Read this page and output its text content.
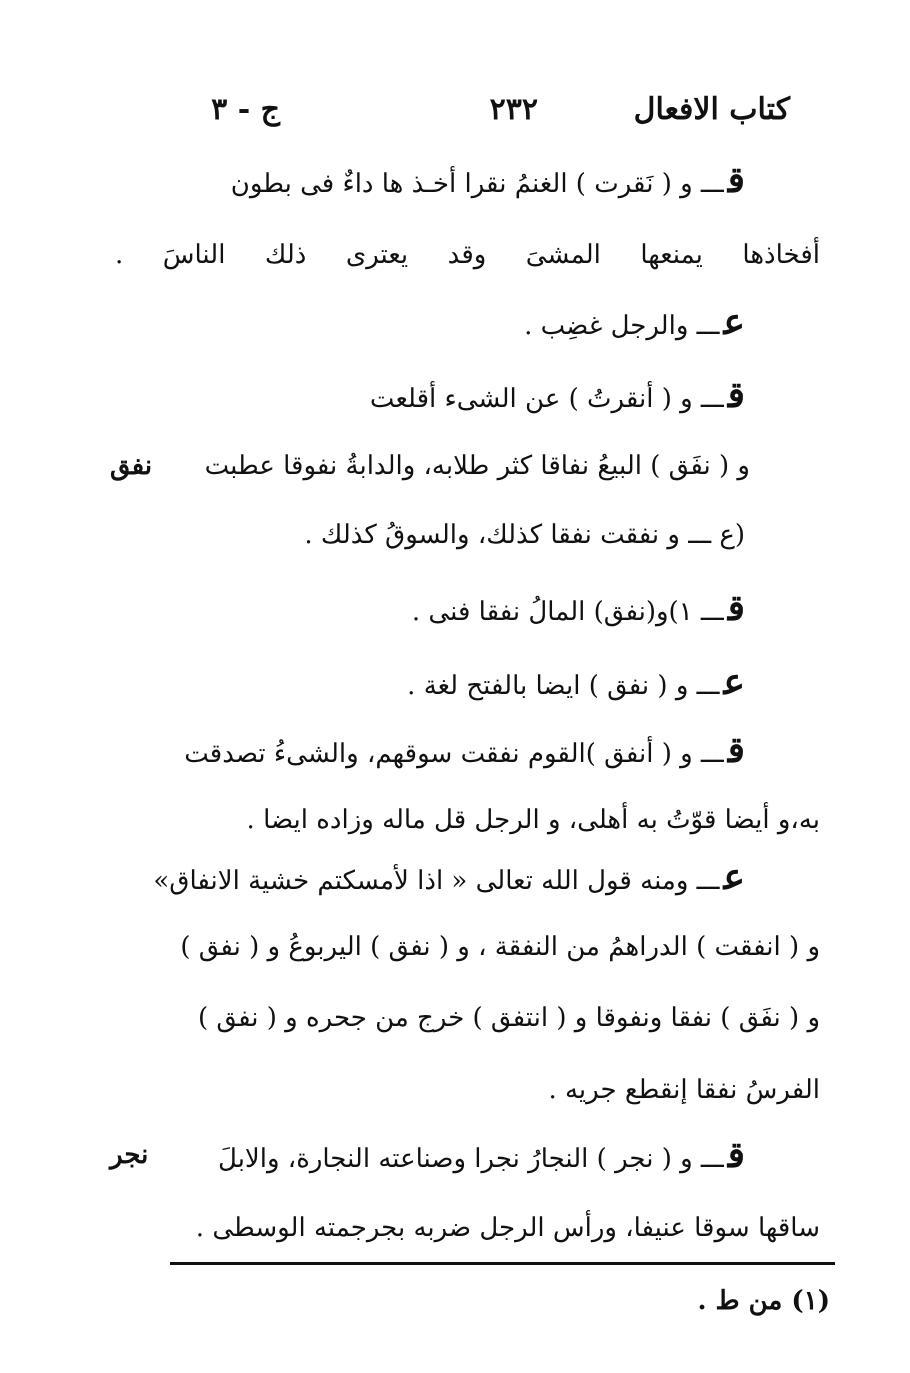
كتاب الافعال
٢٣٢
ج - ٣
قـــ و ( نَقرت ) الغنمُ نقرا أخـذ ها داءٌ فى بطون
أفخاذها يمنعها المشىَ وقد يعترى ذلك الناسَ .
عـــ والرجل غضِب .
قـــ و ( أنقرتُ ) عن الشىء أقلعت
و ( نفَق ) البيعُ نفاقا كثر طلابه، والدابةُ نفوقا عطبت
نفق
(ع ـــ و نفقت نفقا كذلك، والسوقُ كذلك .
قـــ ١)و(نفق) المالُ نفقا فنى .
عـــ و ( نفق ) ايضا بالفتح لغة .
قـــ و ( أنفق )القوم نفقت سوقهم، والشىءُ تصدقت
به،و أيضا قوّتُ به أهلى، و الرجل قل ماله وزاده ايضا .
عـــ ومنه قول الله تعالى « اذا لأمسكتم خشية الانفاق»
و ( انفقت ) الدراهمُ من النفقة ، و ( نفق ) اليربوعُ و ( نفق )
و ( نفَق ) نفقا ونفوقا و ( انتفق ) خرج من جحره و ( نفق )
الفرسُ نفقا إنقطع جريه .
قـــ و ( نجر ) النجارُ نجرا وصناعته النجارة، والابلَ
نجر
ساقها سوقا عنيفا، ورأس الرجل ضربه بجرجمته الوسطى .
(١) من ط .
